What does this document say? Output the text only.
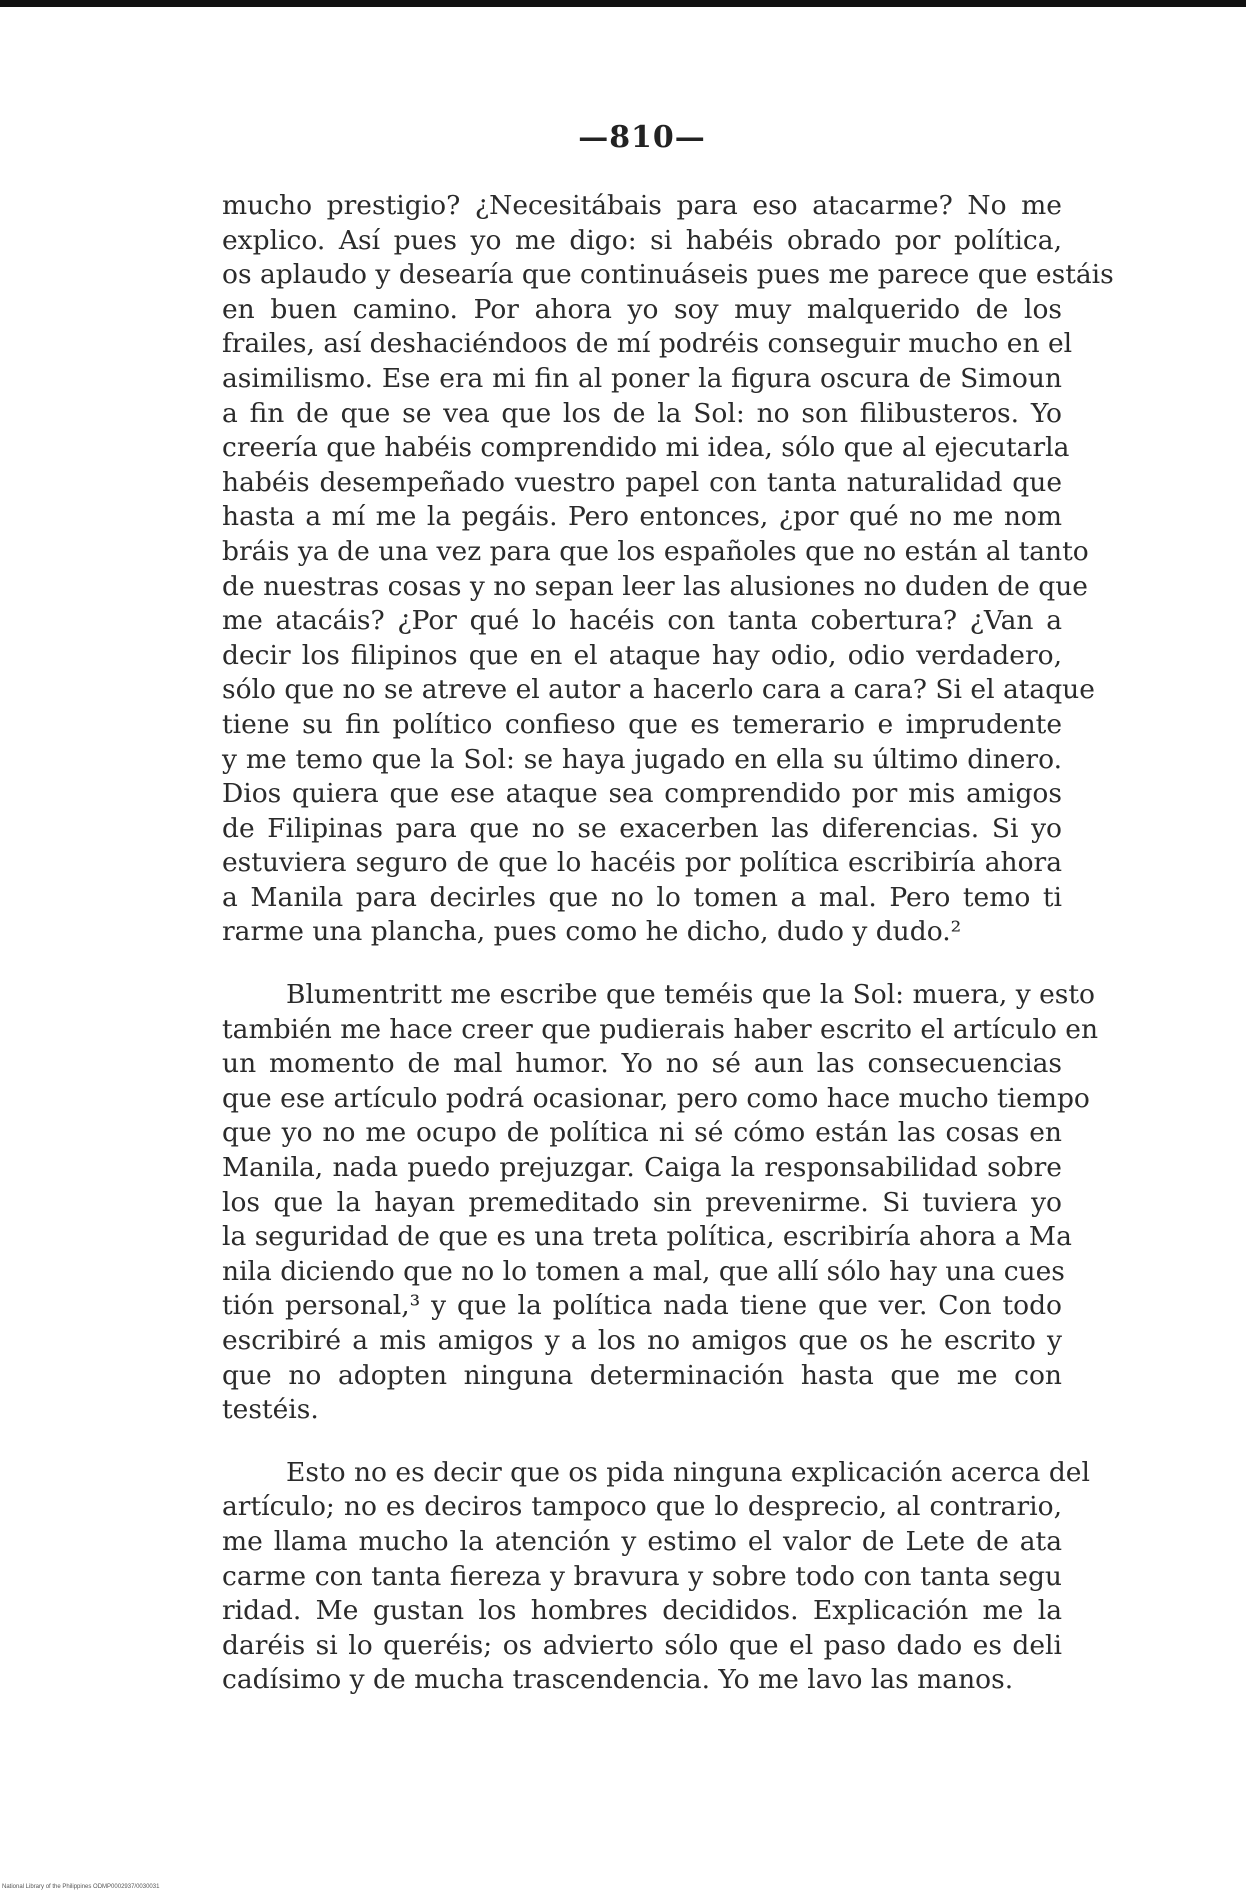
—810—
mucho prestigio? ¿Necesitábais para eso atacarme? No me
explico. Así pues yo me digo: si habéis obrado por política,
os aplaudo y desearía que continuáseis pues me parece que estáis
en buen camino. Por ahora yo soy muy malquerido de los
frailes, así deshaciéndoos de mí podréis conseguir mucho en el
asimilismo. Ese era mi fin al poner la figura oscura de Simoun
a fin de que se vea que los de la Sol: no son filibusteros. Yo
creería que habéis comprendido mi idea, sólo que al ejecutarla
habéis desempeñado vuestro papel con tanta naturalidad que
hasta a mí me la pegáis. Pero entonces, ¿por qué no me nom
bráis ya de una vez para que los españoles que no están al tanto
de nuestras cosas y no sepan leer las alusiones no duden de que
me atacáis? ¿Por qué lo hacéis con tanta cobertura? ¿Van a
decir los filipinos que en el ataque hay odio, odio verdadero,
sólo que no se atreve el autor a hacerlo cara a cara? Si el ataque
tiene su fin político confieso que es temerario e imprudente
y me temo que la Sol: se haya jugado en ella su último dinero.
Dios quiera que ese ataque sea comprendido por mis amigos
de Filipinas para que no se exacerben las diferencias. Si yo
estuviera seguro de que lo hacéis por política escribiría ahora
a Manila para decirles que no lo tomen a mal. Pero temo ti
rarme una plancha, pues como he dicho, dudo y dudo.²
Blumentritt me escribe que teméis que la Sol: muera, y esto
también me hace creer que pudierais haber escrito el artículo en
un momento de mal humor. Yo no sé aun las consecuencias
que ese artículo podrá ocasionar, pero como hace mucho tiempo
que yo no me ocupo de política ni sé cómo están las cosas en
Manila, nada puedo prejuzgar. Caiga la responsabilidad sobre
los que la hayan premeditado sin prevenirme. Si tuviera yo
la seguridad de que es una treta política, escribiría ahora a Ma
nila diciendo que no lo tomen a mal, que allí sólo hay una cues
tión personal,³ y que la política nada tiene que ver. Con todo
escribiré a mis amigos y a los no amigos que os he escrito y
que no adopten ninguna determinación hasta que me con
testéis.
Esto no es decir que os pida ninguna explicación acerca del
artículo; no es deciros tampoco que lo desprecio, al contrario,
me llama mucho la atención y estimo el valor de Lete de ata
carme con tanta fiereza y bravura y sobre todo con tanta segu
ridad. Me gustan los hombres decididos. Explicación me la
daréis si lo queréis; os advierto sólo que el paso dado es deli
cadísimo y de mucha trascendencia. Yo me lavo las manos.
National Library of the Philippines ODMP0002937/0030031
